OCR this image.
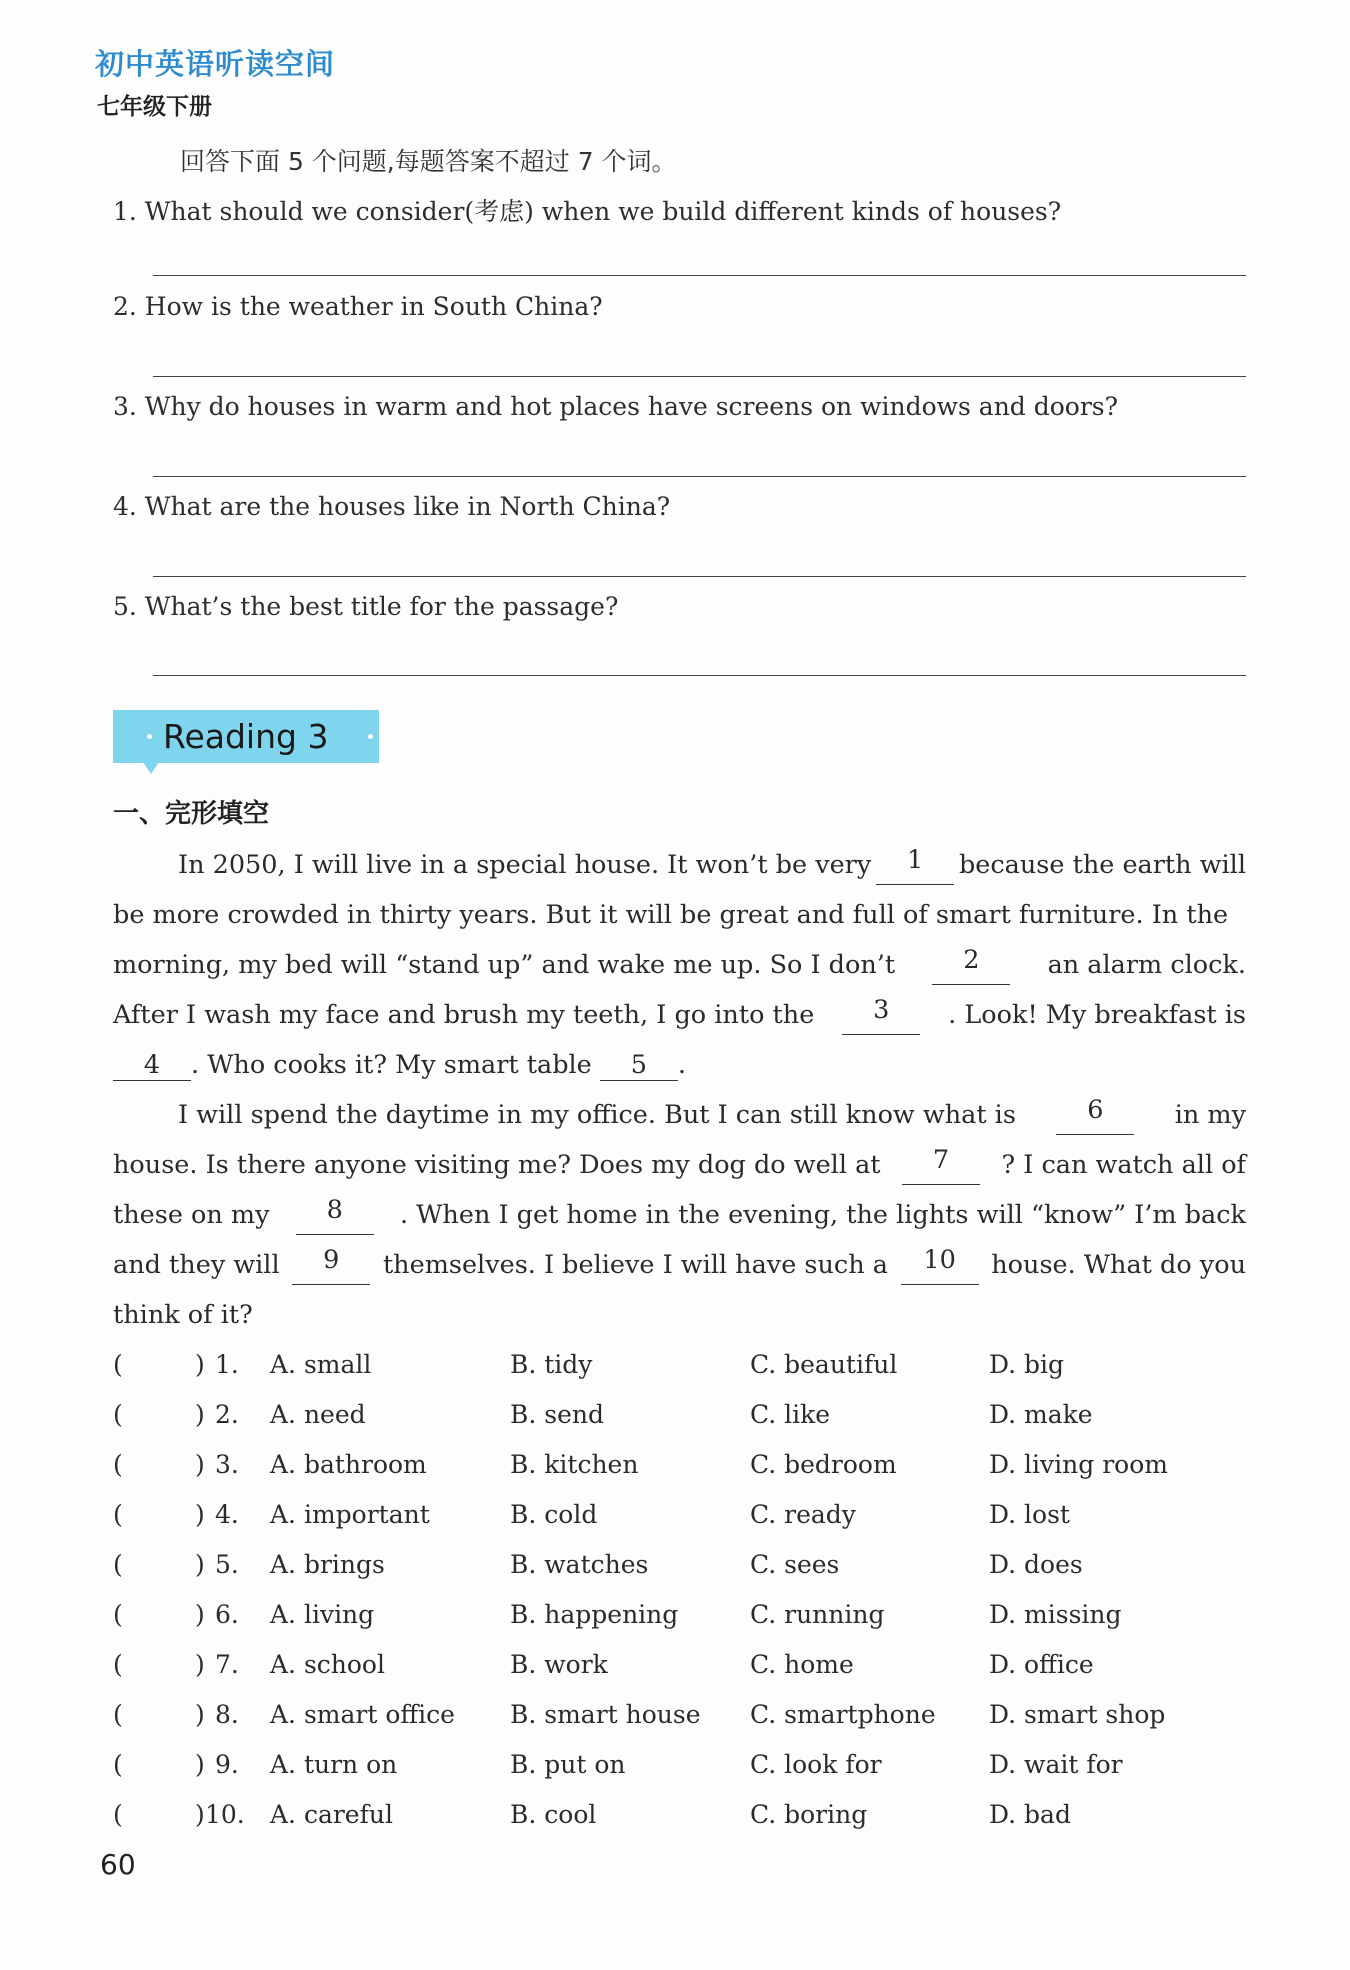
初中英语听读空间
七年级下册
回答下面 5 个问题,每题答案不超过 7 个词。
1. What should we consider(考虑) when we build different kinds of houses?
2. How is the weather in South China?
3. Why do houses in warm and hot places have screens on windows and doors?
4. What are the houses like in North China?
5. What’s the best title for the passage?
Reading 3
一、完形填空
In 2050, I will live in a special house. It won’t be very	1	because the earth will
be more crowded in thirty years. But it will be great and full of smart furniture. In the
morning, my bed will “stand up” and wake me up. So I don’t	2	an alarm clock.
After I wash my face and brush my teeth, I go into the	3	. Look! My breakfast is
4 . Who cooks it? My smart table 5 .
I will spend the daytime in my office. But I can still know what is	6	in my
house. Is there anyone visiting me? Does my dog do well at	7	? I can watch all of
these on my	8	. When I get home in the evening, the lights will “know” I’m back
and they will	9	themselves. I believe I will have such a	10	house. What do you
think of it?
(	) 1. A. small	B. tidy	C. beautiful	D. big
(	) 2. A. need	B. send	C. like	D. make
(	) 3. A. bathroom	B. kitchen	C. bedroom	D. living room
(	) 4. A. important	B. cold	C. ready	D. lost
(	) 5. A. brings	B. watches	C. sees	D. does
(	) 6. A. living	B. happening	C. running	D. missing
(	) 7. A. school	B. work	C. home	D. office
(	) 8. A. smart office B. smart house C. smartphone D. smart shop
(	) 9. A. turn on	B. put on	C. look for	D. wait for
(	) 10. A. careful	B. cool	C. boring	D. bad
60
